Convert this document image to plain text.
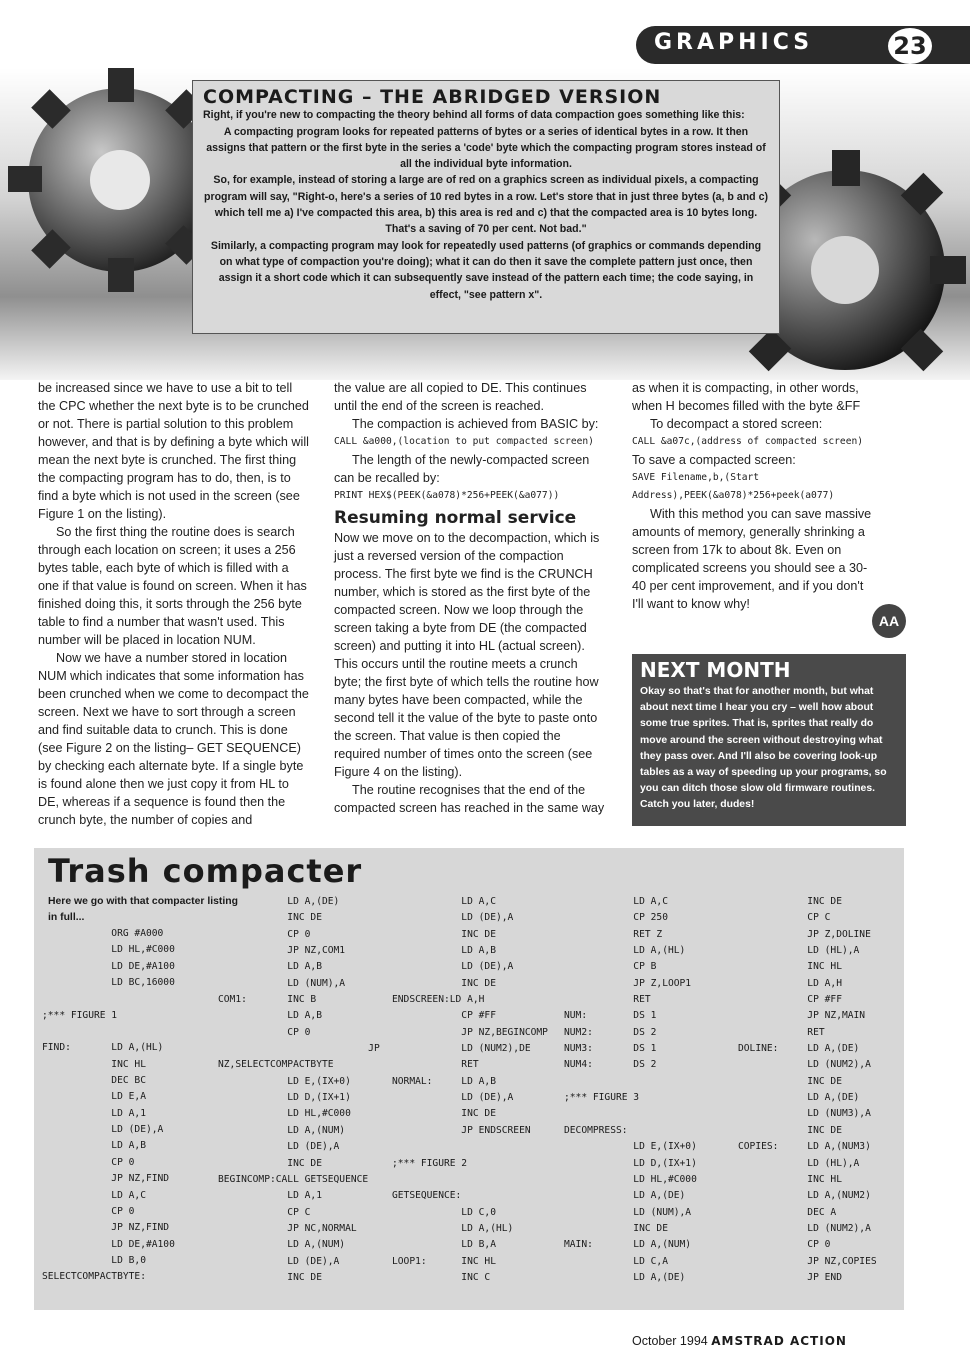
GRAPHICS	23
COMPACTING – THE ABRIDGED VERSION

Right, if you're new to compacting the theory behind all forms of data compaction goes something like this:

A compacting program looks for repeated patterns of bytes or a series of identical bytes in a row. It then assigns that pattern or the first byte in the series a 'code' byte which the compacting program stores instead of all the individual byte information.

So, for example, instead of storing a large are of red on a graphics screen as individual pixels, a compacting program will say, "Right-o, here's a series of 10 red bytes in a row. Let's store that in just three bytes (a, b and c) which tell me a) I've compacted this area, b) this area is red and c) that the compacted area is 10 bytes long. That's a saving of 70 per cent. Not bad."

Similarly, a compacting program may look for repeatedly used patterns (of graphics or commands depending on what type of compaction you're doing); what it can do then it save the complete pattern just once, then assign it a short code which it can subsequently save instead of the pattern each time; the code saying, in effect, "see pattern x".

be increased since we have to use a bit to tell the CPC whether the next byte is to be crunched or not. There is partial solution to this problem however, and that is by defining a byte which will mean the next byte is crunched. The first thing the compacting program has to do, then, is to find a byte which is not used in the screen (see Figure 1 on the listing).

So the first thing the routine does is search through each location on screen; it uses a 256 bytes table, each byte of which is filled with a one if that value is found on screen. When it has finished doing this, it sorts through the 256 byte table to find a number that wasn't used. This number will be placed in location NUM.

Now we have a number stored in location NUM which indicates that some information has been crunched when we come to decompact the screen. Next we have to sort through a screen and find suitable data to crunch. This is done (see Figure 2 on the listing– GET SEQUENCE) by checking each alternate byte. If a single byte is found alone then we just copy it from HL to DE, whereas if a sequence is found then the crunch byte, the number of copies and

the value are all copied to DE. This continues until the end of the screen is reached.

The compaction is achieved from BASIC by:

CALL &a000,(location to put compacted screen)

The length of the newly-compacted screen can be recalled by:

PRINT HEX$(PEEK(&a078)*256+PEEK(&a077))
Resuming normal service

Now we move on to the decompaction, which is just a reversed version of the compaction process. The first byte we find is the CRUNCH number, which is stored as the first byte of the compacted screen. Now we loop through the screen taking a byte from DE (the compacted screen) and putting it into HL (actual screen). This occurs until the routine meets a crunch byte; the first byte of which tells the routine how many bytes have been compacted, while the second tell it the value of the byte to paste onto the screen. That value is then copied the required number of times onto the screen (see Figure 4 on the listing).

The routine recognises that the end of the compacted screen has reached in the same way

as when it is compacting, in other words, when H becomes filled with the byte &FF

To decompact a stored screen:

CALL &a07c,(address of compacted screen)

To save a compacted screen:

SAVE Filename,b,(Start Address),PEEK(&a078)*256+peek(a077)

With this method you can save massive amounts of memory, generally shrinking a screen from 17k to about 8k. Even on complicated screens you should see a 30-40 per cent improvement, and if you don't I'll want to know why!

AA
NEXT MONTH

Okay so that's that for another month, but what about next time I hear you cry – well how about some true sprites. That is, sprites that really do move around the screen without destroying what they pass over. And I'll also be covering look-up tables as a way of speeding up your programs, so you can ditch those slow old firmware routines. Catch you later, dudes!

Trash compacter
Here we go with that compacter listing in full...
ORG #A000
LD HL,#C000
LD DE,#A100
LD BC,16000

;*** FIGURE 1

FIND:       LD A,(HL)
INC HL
DEC BC
LD E,A
LD A,1
LD (DE),A
LD A,B
CP 0
JP NZ,FIND
LD A,C
CP 0
JP NZ,FIND
LD DE,#A100
LD B,0
SELECTCOMPACTBYTE:
LD A,(DE)
INC DE
CP 0
JP NZ,COM1
LD A,B
LD (NUM),A
COM1:       INC B
LD A,B
CP 0
JP
NZ,SELECTCOMPACTBYTE
LD E,(IX+0)
LD D,(IX+1)
LD HL,#C000
LD A,(NUM)
LD (DE),A
INC DE
BEGINCOMP:CALL GETSEQUENCE
LD A,1
CP C
JP NC,NORMAL
LD A,(NUM)
LD (DE),A
INC DE
LD A,C
LD (DE),A
INC DE
LD A,B
LD (DE),A
INC DE
ENDSCREEN:LD A,H
CP #FF
JP NZ,BEGINCOMP
LD (NUM2),DE
RET
NORMAL:     LD A,B
LD (DE),A
INC DE
JP ENDSCREEN

;*** FIGURE 2

GETSEQUENCE:
LD C,0
LD A,(HL)
LD B,A
LOOP1:      INC HL
INC C
LD A,C
CP 250
RET Z
LD A,(HL)
CP B
JP Z,LOOP1
RET
NUM:        DS 1
NUM2:       DS 2
NUM3:       DS 1
NUM4:       DS 2

;*** FIGURE 3

DECOMPRESS:
LD E,(IX+0)
LD D,(IX+1)
LD HL,#C000
LD A,(DE)
LD (NUM),A
INC DE
MAIN:       LD A,(NUM)
LD C,A
LD A,(DE)
INC DE
CP C
JP Z,DOLINE
LD (HL),A
INC HL
LD A,H
CP #FF
JP NZ,MAIN
RET
DOLINE:     LD A,(DE)
LD (NUM2),A
INC DE
LD A,(DE)
LD (NUM3),A
INC DE
COPIES:     LD A,(NUM3)
LD (HL),A
INC HL
LD A,(NUM2)
DEC A
LD (NUM2),A
CP 0
JP NZ,COPIES
JP END
October 1994 AMSTRAD ACTION
